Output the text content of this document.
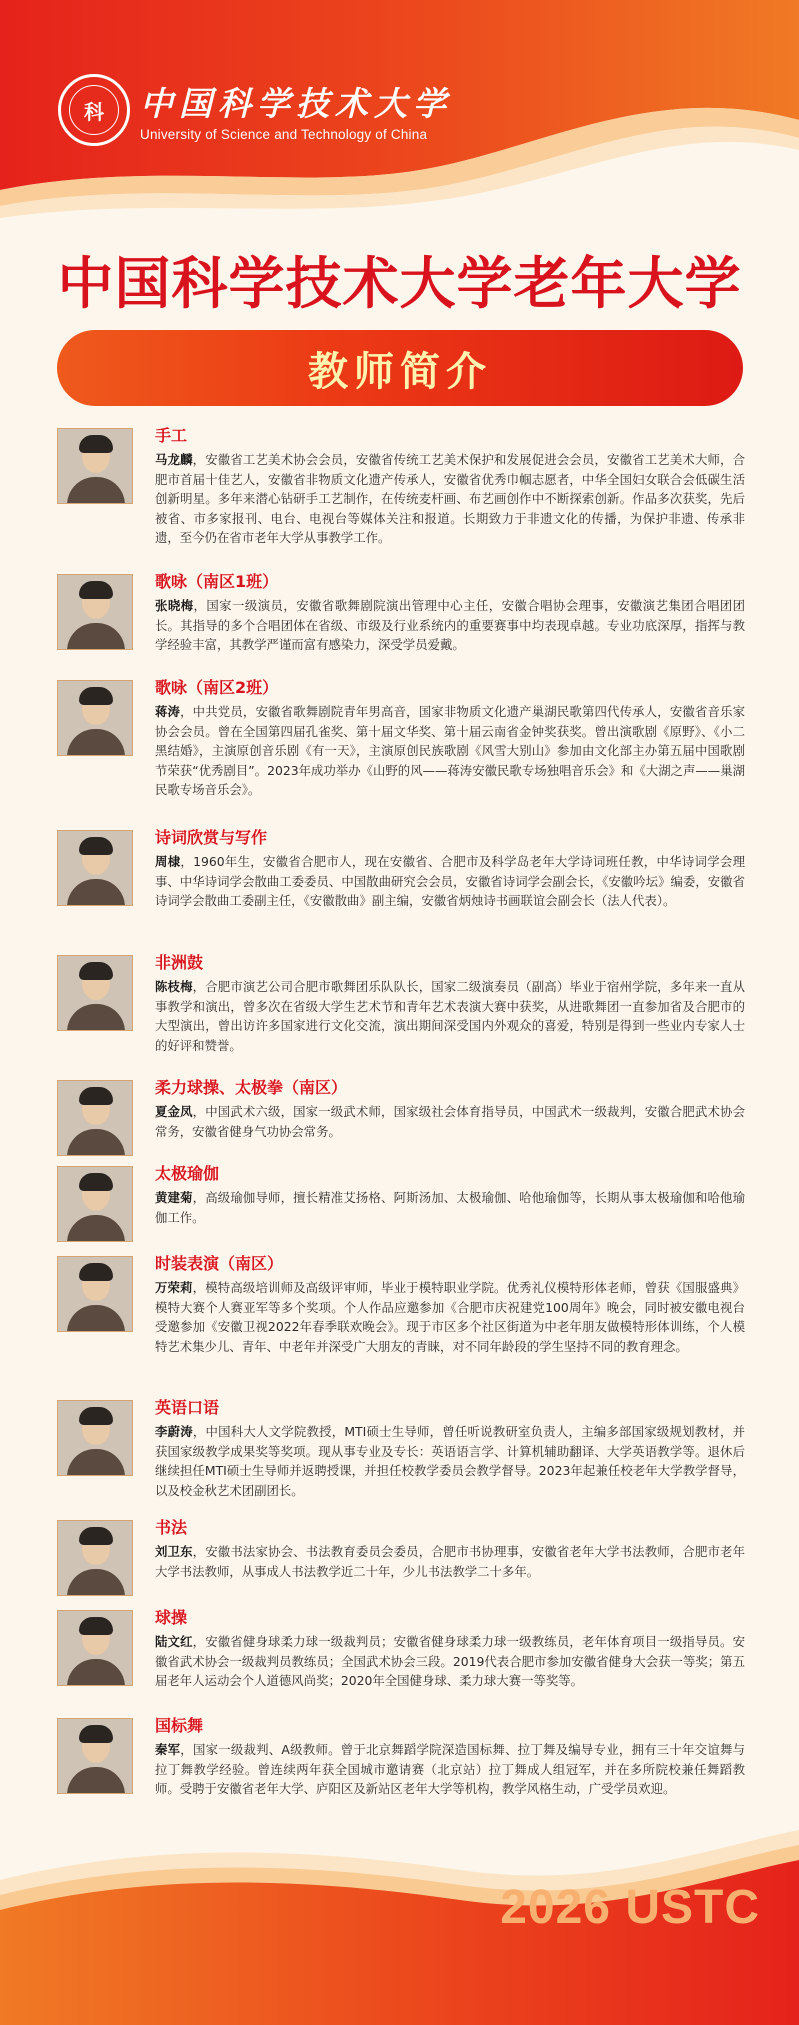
科	中国科学技术大学
University of Science and Technology of China
中国科学技术大学老年大学
教师简介
手工
马龙麟，安徽省工艺美术协会会员，安徽省传统工艺美术保护和发展促进会会员，安徽省工艺美术大师，合肥市首届十佳艺人，安徽省非物质文化遗产传承人，安徽省优秀巾帼志愿者，中华全国妇女联合会低碳生活创新明星。多年来潜心钻研手工艺制作，在传统麦杆画、布艺画创作中不断探索创新。作品多次获奖，先后被省、市多家报刊、电台、电视台等媒体关注和报道。长期致力于非遗文化的传播，为保护非遗、传承非遗，至今仍在省市老年大学从事教学工作。
歌咏（南区1班）
张晓梅，国家一级演员，安徽省歌舞剧院演出管理中心主任，安徽合唱协会理事，安徽演艺集团合唱团团长。其指导的多个合唱团体在省级、市级及行业系统内的重要赛事中均表现卓越。专业功底深厚，指挥与教学经验丰富，其教学严谨而富有感染力，深受学员爱戴。
歌咏（南区2班）
蒋涛，中共党员，安徽省歌舞剧院青年男高音，国家非物质文化遗产巢湖民歌第四代传承人，安徽省音乐家协会会员。曾在全国第四届孔雀奖、第十届文华奖、第十届云南省金钟奖获奖。曾出演歌剧《原野》、《小二黑结婚》，主演原创音乐剧《有一天》，主演原创民族歌剧《风雪大别山》参加由文化部主办第五届中国歌剧节荣获“优秀剧目”。2023年成功举办《山野的风——蒋涛安徽民歌专场独唱音乐会》和《大湖之声——巢湖民歌专场音乐会》。
诗词欣赏与写作
周棣，1960年生，安徽省合肥市人，现在安徽省、合肥市及科学岛老年大学诗词班任教，中华诗词学会理事、中华诗词学会散曲工委委员、中国散曲研究会会员，安徽省诗词学会副会长，《安徽吟坛》编委，安徽省诗词学会散曲工委副主任，《安徽散曲》副主编，安徽省炳烛诗书画联谊会副会长（法人代表）。
非洲鼓
陈枝梅，合肥市演艺公司合肥市歌舞团乐队队长，国家二级演奏员（副高）毕业于宿州学院，多年来一直从事教学和演出，曾多次在省级大学生艺术节和青年艺术表演大赛中获奖，从进歌舞团一直参加省及合肥市的大型演出，曾出访许多国家进行文化交流，演出期间深受国内外观众的喜爱，特别是得到一些业内专家人士的好评和赞誉。
柔力球操、太极拳（南区）
夏金凤，中国武术六级，国家一级武术师，国家级社会体育指导员，中国武术一级裁判，安徽合肥武术协会常务，安徽省健身气功协会常务。
太极瑜伽
黄建菊，高级瑜伽导师，擅长精准艾扬格、阿斯汤加、太极瑜伽、哈他瑜伽等，长期从事太极瑜伽和哈他瑜伽工作。
时装表演（南区）
万荣莉，模特高级培训师及高级评审师，毕业于模特职业学院。优秀礼仪模特形体老师，曾获《国服盛典》模特大赛个人赛亚军等多个奖项。个人作品应邀参加《合肥市庆祝建党100周年》晚会，同时被安徽电视台受邀参加《安徽卫视2022年春季联欢晚会》。现于市区多个社区街道为中老年朋友做模特形体训练，个人模特艺术集少儿、青年、中老年并深受广大朋友的青睐，对不同年龄段的学生坚持不同的教育理念。
英语口语
李蔚涛，中国科大人文学院教授，MTI硕士生导师，曾任听说教研室负责人，主编多部国家级规划教材，并获国家级教学成果奖等奖项。现从事专业及专长：英语语言学、计算机辅助翻译、大学英语教学等。退休后继续担任MTI硕士生导师并返聘授课，并担任校教学委员会教学督导。2023年起兼任校老年大学教学督导，以及校金秋艺术团副团长。
书法
刘卫东，安徽书法家协会、书法教育委员会委员，合肥市书协理事，安徽省老年大学书法教师，合肥市老年大学书法教师，从事成人书法教学近二十年，少儿书法教学二十多年。
球操
陆文红，安徽省健身球柔力球一级裁判员；安徽省健身球柔力球一级教练员，老年体育项目一级指导员。安徽省武术协会一级裁判员教练员；全国武术协会三段。2019代表合肥市参加安徽省健身大会获一等奖；第五届老年人运动会个人道德风尚奖；2020年全国健身球、柔力球大赛一等奖等。
国标舞
秦军，国家一级裁判、A级教师。曾于北京舞蹈学院深造国标舞、拉丁舞及编导专业，拥有三十年交谊舞与拉丁舞教学经验。曾连续两年获全国城市邀请赛（北京站）拉丁舞成人组冠军，并在多所院校兼任舞蹈教师。受聘于安徽省老年大学、庐阳区及新站区老年大学等机构，教学风格生动，广受学员欢迎。
2026 USTC
